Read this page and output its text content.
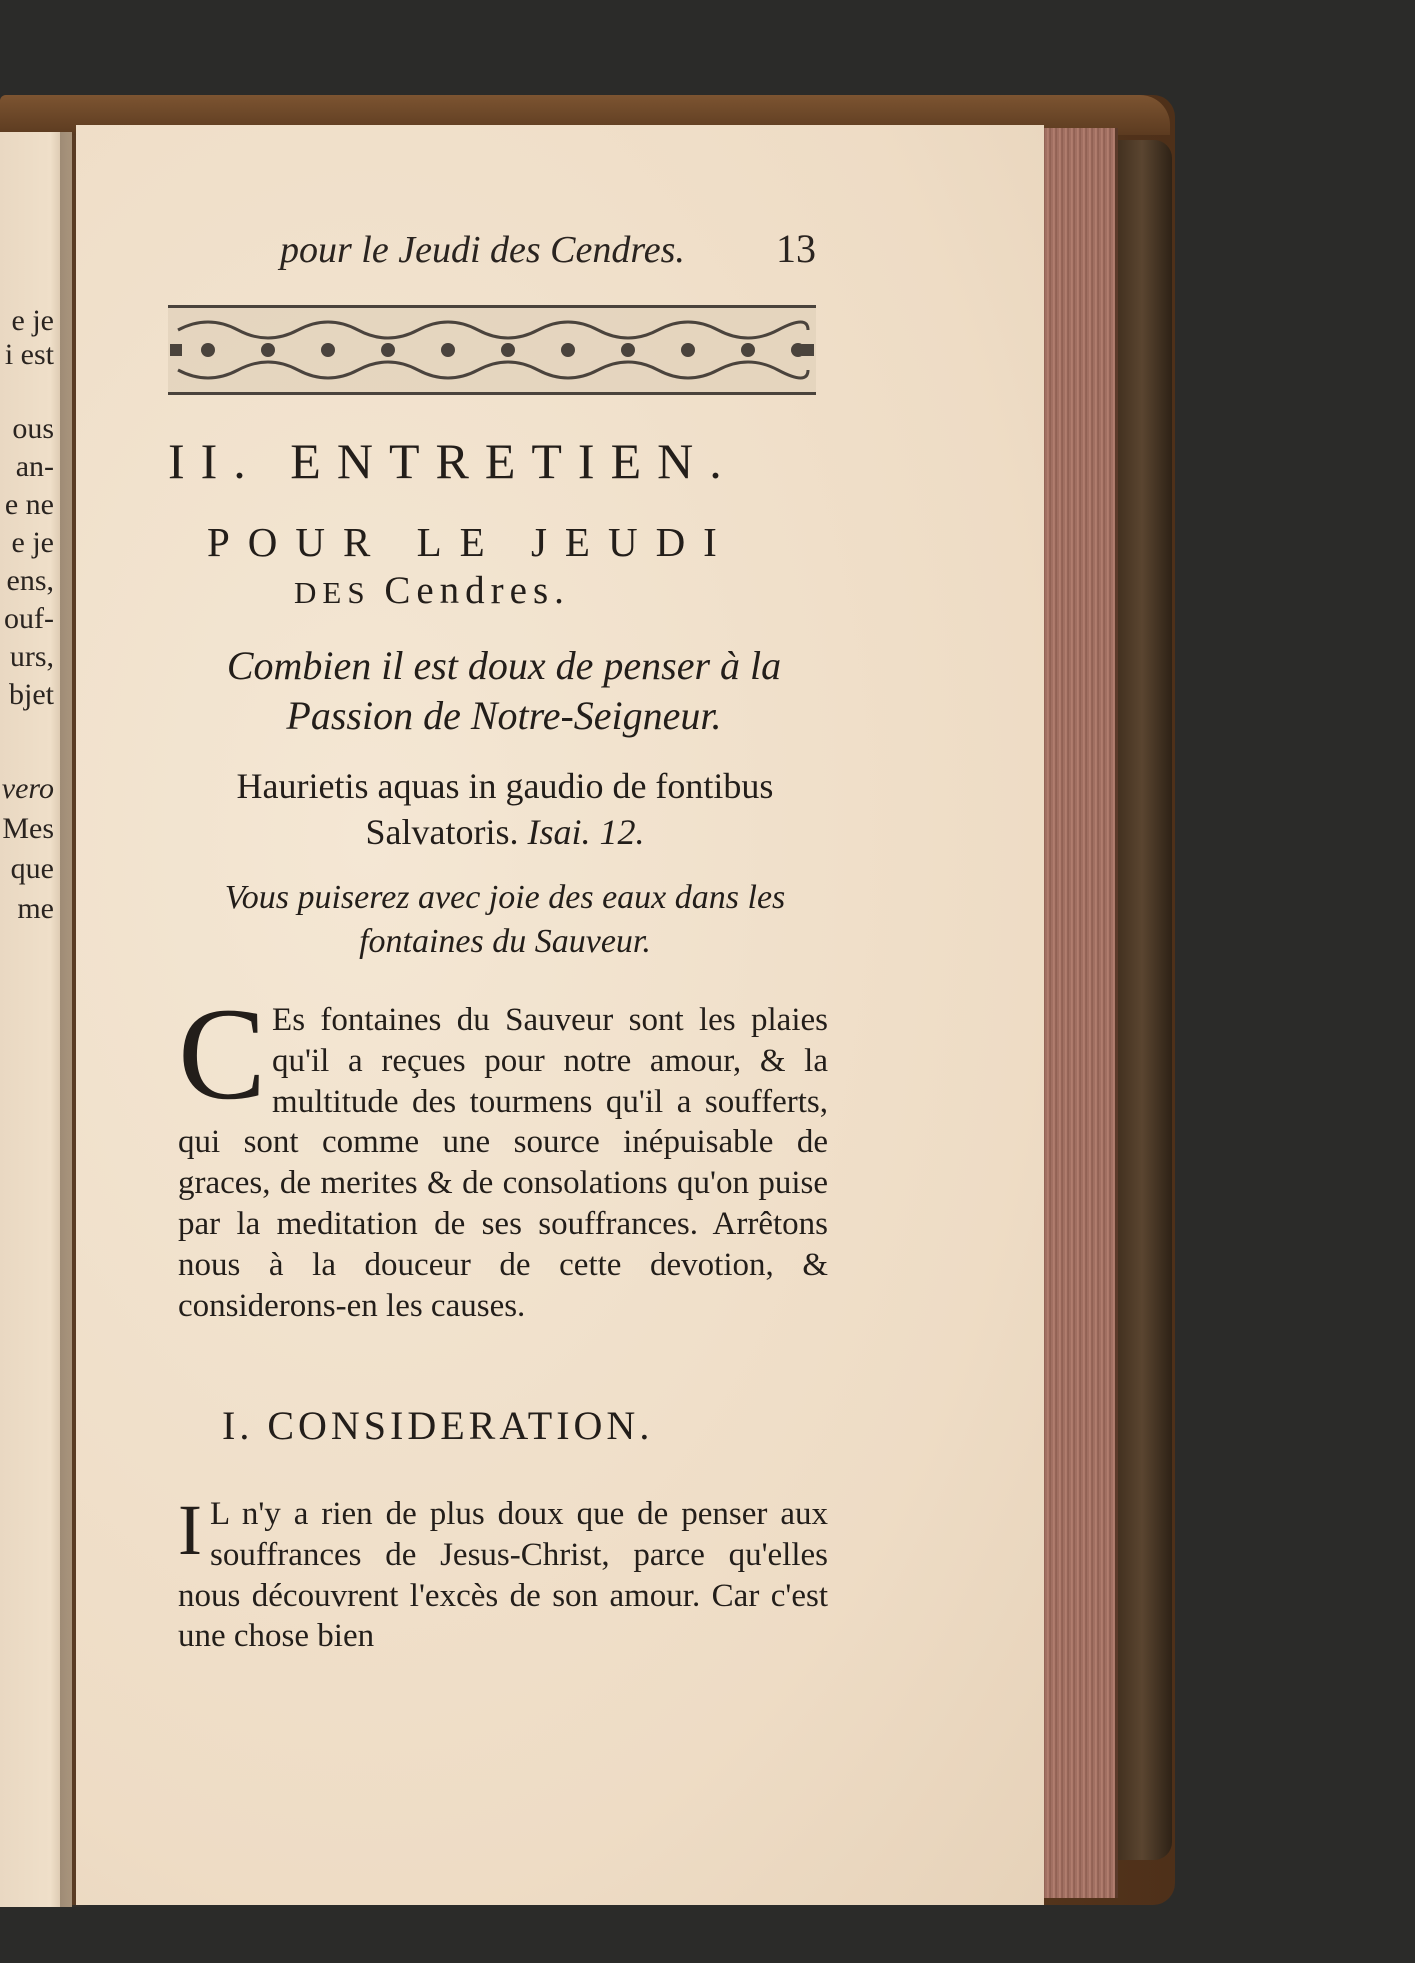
e je
i est
ous
an-
e ne
e je
ens,
ouf-
urs,
bjet
vero
Mes
que
me
pour le Jeudi des Cendres.	13
II. ENTRETIEN.
POUR LE JEUDI
DES Cendres.
Combien il est doux de penser à la
Passion de Notre-Seigneur.
Haurietis aquas in gaudio de fontibus
Salvatoris. Isai. 12.
Vous puiserez avec joie des eaux dans les
fontaines du Sauveur.
C Es fontaines du Sauveur sont les plaies qu'il a reçues pour notre amour, & la multitude des tourmens qu'il a soufferts, qui sont comme une source inépuisable de graces, de merites & de consolations qu'on puise par la meditation de ses souffrances. Arrêtons nous à la douceur de cette devotion, & considerons-en les causes.
I. CONSIDERATION.
I L n'y a rien de plus doux que de penser aux souffrances de Jesus-Christ, parce qu'elles nous découvrent l'excès de son amour. Car c'est une chose bien
